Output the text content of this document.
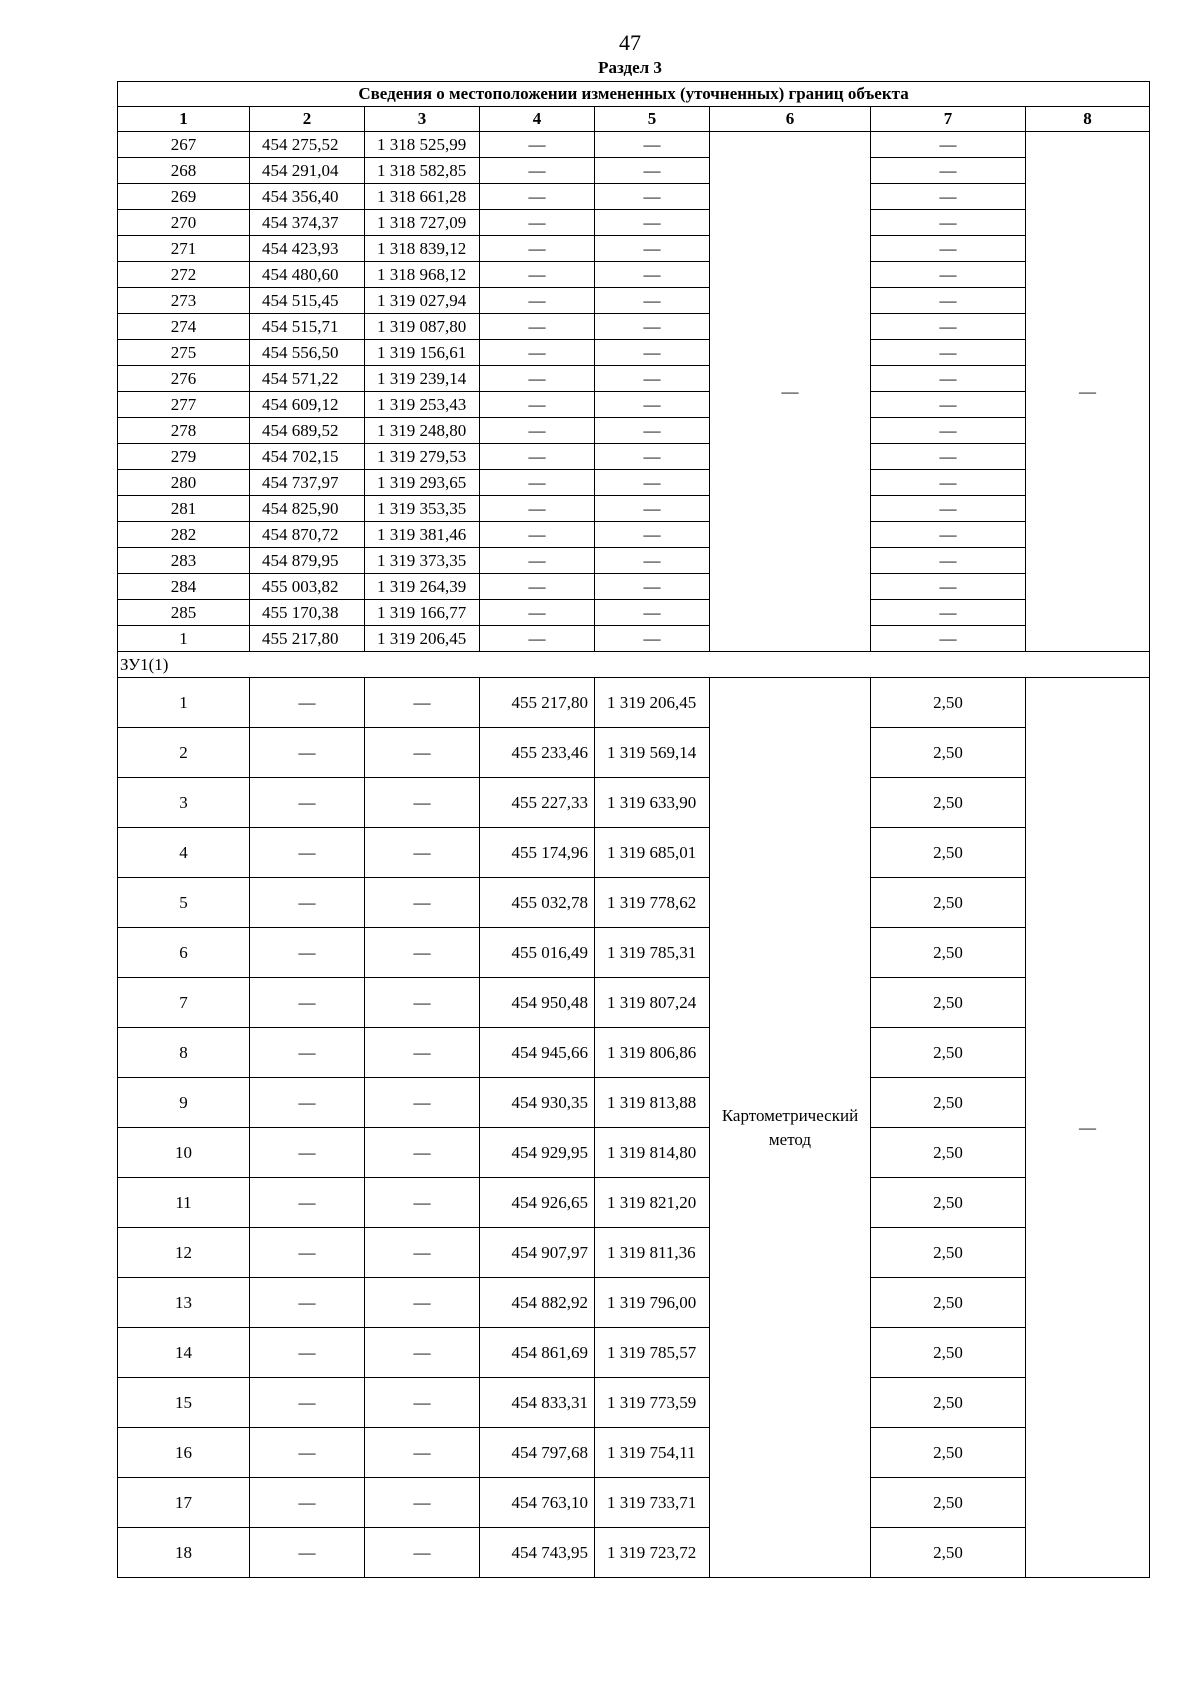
47
Раздел 3
Сведения о местоположении измененных (уточненных) границ объекта							
1	2	3	4	5	6	7	8
267	454 275,52	1 318 525,99	—	—	—	—	—
268	454 291,04	1 318 582,85	—	—		—	
269	454 356,40	1 318 661,28	—	—		—	
270	454 374,37	1 318 727,09	—	—		—	
271	454 423,93	1 318 839,12	—	—		—	
272	454 480,60	1 318 968,12	—	—		—	
273	454 515,45	1 319 027,94	—	—		—	
274	454 515,71	1 319 087,80	—	—		—	
275	454 556,50	1 319 156,61	—	—		—	
276	454 571,22	1 319 239,14	—	—		—	
277	454 609,12	1 319 253,43	—	—		—	
278	454 689,52	1 319 248,80	—	—		—	
279	454 702,15	1 319 279,53	—	—		—	
280	454 737,97	1 319 293,65	—	—		—	
281	454 825,90	1 319 353,35	—	—		—	
282	454 870,72	1 319 381,46	—	—		—	
283	454 879,95	1 319 373,35	—	—		—	
284	455 003,82	1 319 264,39	—	—		—	
285	455 170,38	1 319 166,77	—	—		—	
1	455 217,80	1 319 206,45	—	—		—	
ЗУ1(1)							
1	—	—	455 217,80	1 319 206,45	Картометрический метод	2,50	—
2	—	—	455 233,46	1 319 569,14		2,50	
3	—	—	455 227,33	1 319 633,90		2,50	
4	—	—	455 174,96	1 319 685,01		2,50	
5	—	—	455 032,78	1 319 778,62		2,50	
6	—	—	455 016,49	1 319 785,31		2,50	
7	—	—	454 950,48	1 319 807,24		2,50	
8	—	—	454 945,66	1 319 806,86		2,50	
9	—	—	454 930,35	1 319 813,88		2,50	
10	—	—	454 929,95	1 319 814,80		2,50	
11	—	—	454 926,65	1 319 821,20		2,50	
12	—	—	454 907,97	1 319 811,36		2,50	
13	—	—	454 882,92	1 319 796,00		2,50	
14	—	—	454 861,69	1 319 785,57		2,50	
15	—	—	454 833,31	1 319 773,59		2,50	
16	—	—	454 797,68	1 319 754,11		2,50	
17	—	—	454 763,10	1 319 733,71		2,50	
18	—	—	454 743,95	1 319 723,72		2,50	
